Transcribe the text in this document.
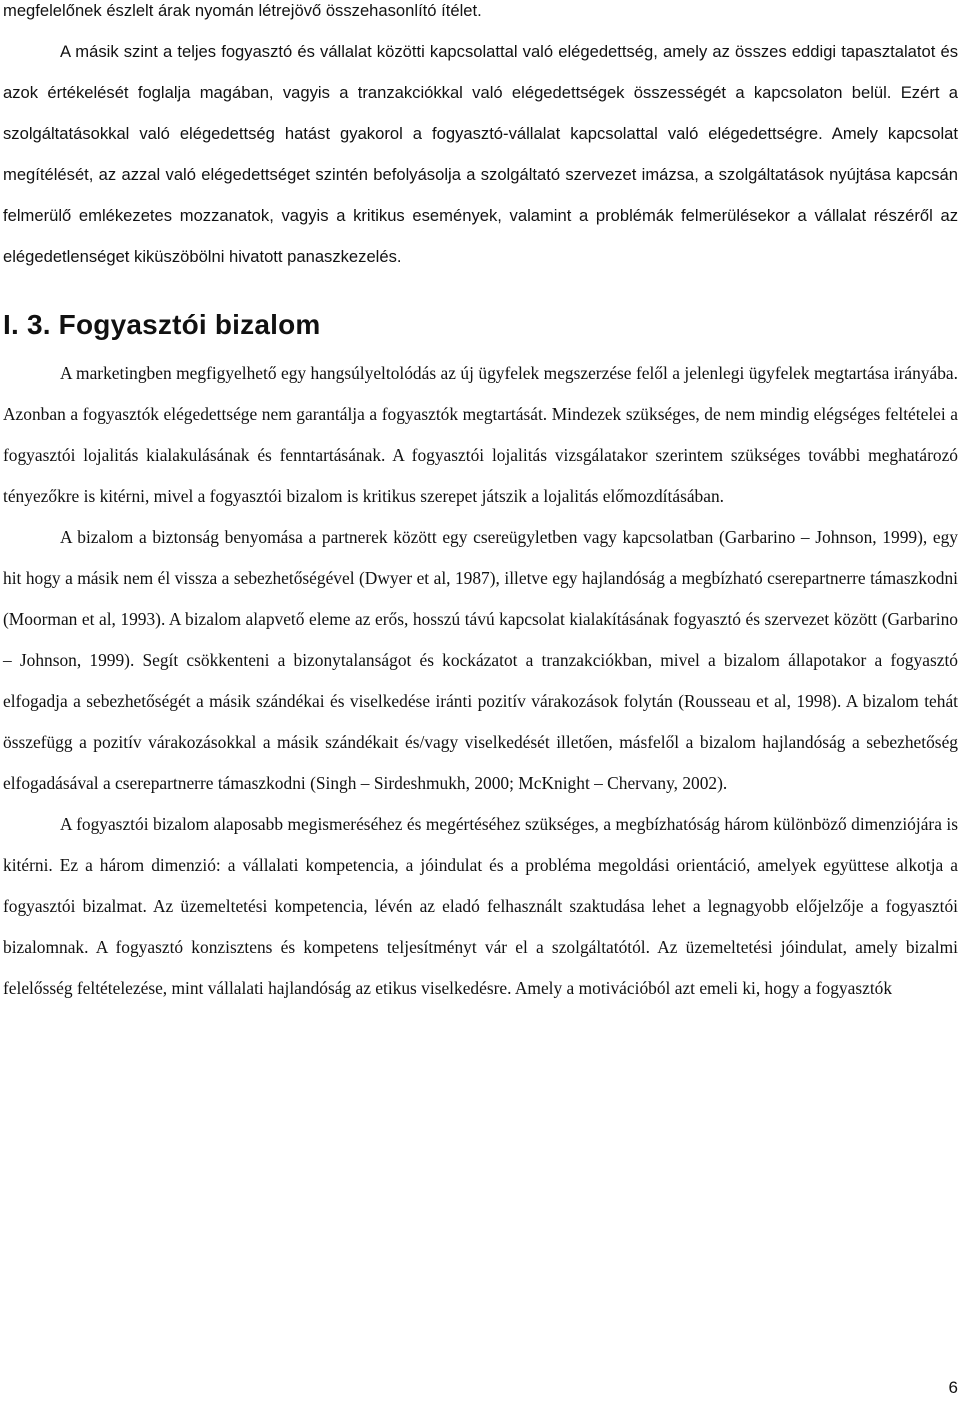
megfelelőnek észlelt árak nyomán létrejövő összehasonlító ítélet.

A másik szint a teljes fogyasztó és vállalat közötti kapcsolattal való elégedettség, amely az összes eddigi tapasztalatot és azok értékelését foglalja magában, vagyis a tranzakciókkal való elégedettségek összességét a kapcsolaton belül. Ezért a szolgáltatásokkal való elégedettség hatást gyakorol a fogyasztó-vállalat kapcsolattal való elégedettségre. Amely kapcsolat megítélését, az azzal való elégedettséget szintén befolyásolja a szolgáltató szervezet imázsa, a szolgáltatások nyújtása kapcsán felmerülő emlékezetes mozzanatok, vagyis a kritikus események, valamint a problémák felmerülésekor a vállalat részéről az elégedetlenséget kiküszöbölni hivatott panaszkezelés.

I. 3. Fogyasztói bizalom

A marketingben megfigyelhető egy hangsúlyeltolódás az új ügyfelek megszerzése felől a jelenlegi ügyfelek megtartása irányába. Azonban a fogyasztók elégedettsége nem garantálja a fogyasztók megtartását. Mindezek szükséges, de nem mindig elégséges feltételei a fogyasztói lojalitás kialakulásának és fenntartásának. A fogyasztói lojalitás vizsgálatakor szerintem szükséges további meghatározó tényezőkre is kitérni, mivel a fogyasztói bizalom is kritikus szerepet játszik a lojalitás előmozdításában.

A bizalom a biztonság benyomása a partnerek között egy csereügyletben vagy kapcsolatban (Garbarino – Johnson, 1999), egy hit hogy a másik nem él vissza a sebezhetőségével (Dwyer et al, 1987), illetve egy hajlandóság a megbízható cserepartnerre támaszkodni (Moorman et al, 1993). A bizalom alapvető eleme az erős, hosszú távú kapcsolat kialakításának fogyasztó és szervezet között (Garbarino – Johnson, 1999). Segít csökkenteni a bizonytalanságot és kockázatot a tranzakciókban, mivel a bizalom állapotakor a fogyasztó elfogadja a sebezhetőségét a másik szándékai és viselkedése iránti pozitív várakozások folytán (Rousseau et al, 1998). A bizalom tehát összefügg a pozitív várakozásokkal a másik szándékait és/vagy viselkedését illetően, másfelől a bizalom hajlandóság a sebezhetőség elfogadásával a cserepartnerre támaszkodni (Singh – Sirdeshmukh, 2000; McKnight – Chervany, 2002).

A fogyasztói bizalom alaposabb megismeréséhez és megértéséhez szükséges, a megbízhatóság három különböző dimenziójára is kitérni. Ez a három dimenzió: a vállalati kompetencia, a jóindulat és a probléma megoldási orientáció, amelyek együttese alkotja a fogyasztói bizalmat. Az üzemeltetési kompetencia, lévén az eladó felhasznált szaktudása lehet a legnagyobb előjelzője a fogyasztói bizalomnak. A fogyasztó konzisztens és kompetens teljesítményt vár el a szolgáltatótól. Az üzemeltetési jóindulat, amely bizalmi felelősség feltételezése, mint vállalati hajlandóság az etikus viselkedésre. Amely a motivációból azt emeli ki, hogy a fogyasztók

6
